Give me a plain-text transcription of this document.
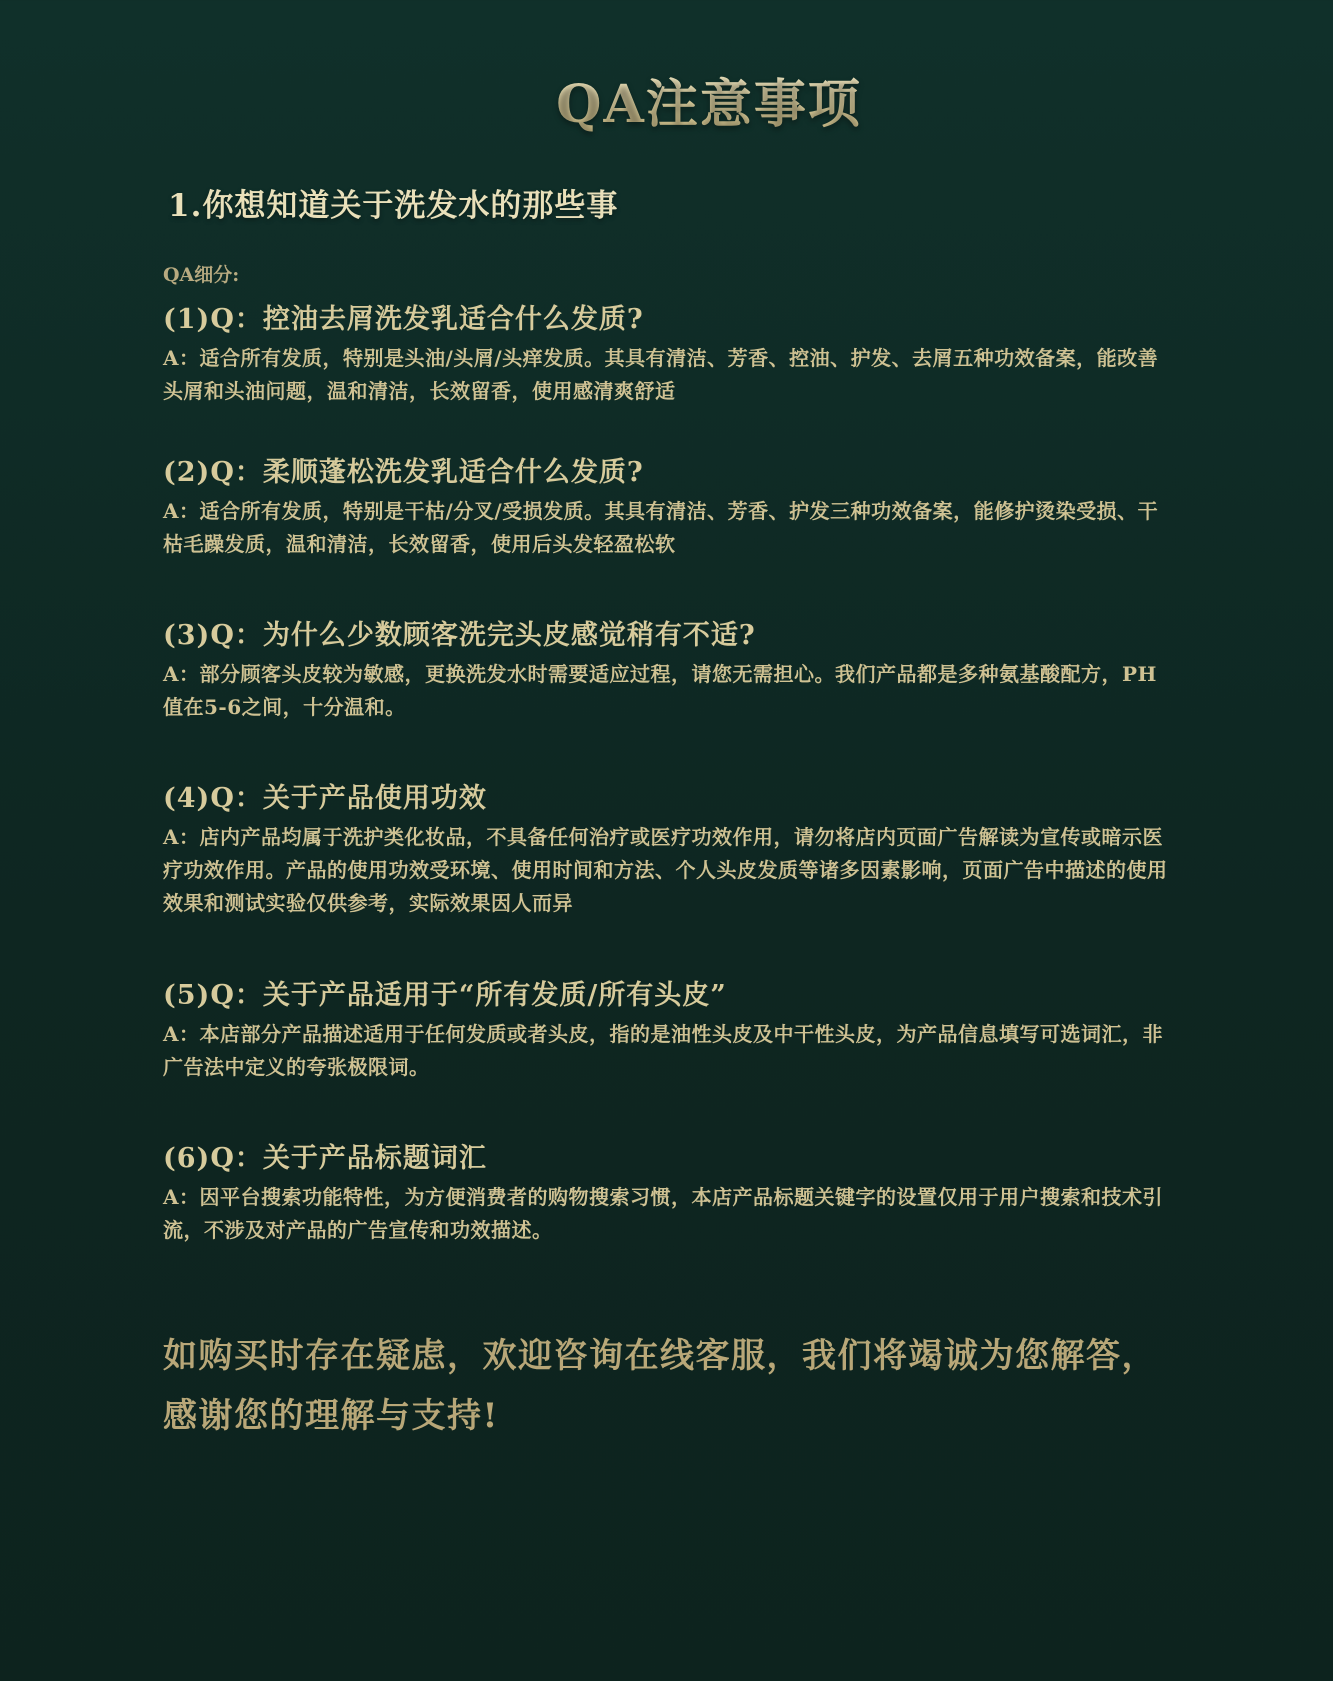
QA注意事项
1.你想知道关于洗发水的那些事

QA细分:

(1)Q：控油去屑洗发乳适合什么发质?

A：适合所有发质，特别是头油/头屑/头痒发质。其具有清洁、芳香、控油、护发、去屑五种功效备案，能改善头屑和头油问题，温和清洁，长效留香，使用感清爽舒适

(2)Q：柔顺蓬松洗发乳适合什么发质?

A：适合所有发质，特别是干枯/分叉/受损发质。其具有清洁、芳香、护发三种功效备案，能修护烫染受损、干枯毛躁发质，温和清洁，长效留香，使用后头发轻盈松软

(3)Q：为什么少数顾客洗完头皮感觉稍有不适?

A：部分顾客头皮较为敏感，更换洗发水时需要适应过程，请您无需担心。我们产品都是多种氨基酸配方，PH值在5-6之间，十分温和。

(4)Q：关于产品使用功效

A：店内产品均属于洗护类化妆品，不具备任何治疗或医疗功效作用，请勿将店内页面广告解读为宣传或暗示医疗功效作用。产品的使用功效受环境、使用时间和方法、个人头皮发质等诸多因素影响，页面广告中描述的使用效果和测试实验仅供参考，实际效果因人而异

(5)Q：关于产品适用于“所有发质/所有头皮”

A：本店部分产品描述适用于任何发质或者头皮，指的是油性头皮及中干性头皮，为产品信息填写可选词汇，非广告法中定义的夸张极限词。

(6)Q：关于产品标题词汇

A：因平台搜索功能特性，为方便消费者的购物搜索习惯，本店产品标题关键字的设置仅用于用户搜索和技术引流，不涉及对产品的广告宣传和功效描述。

如购买时存在疑虑，欢迎咨询在线客服，我们将竭诚为您解答，感谢您的理解与支持!
